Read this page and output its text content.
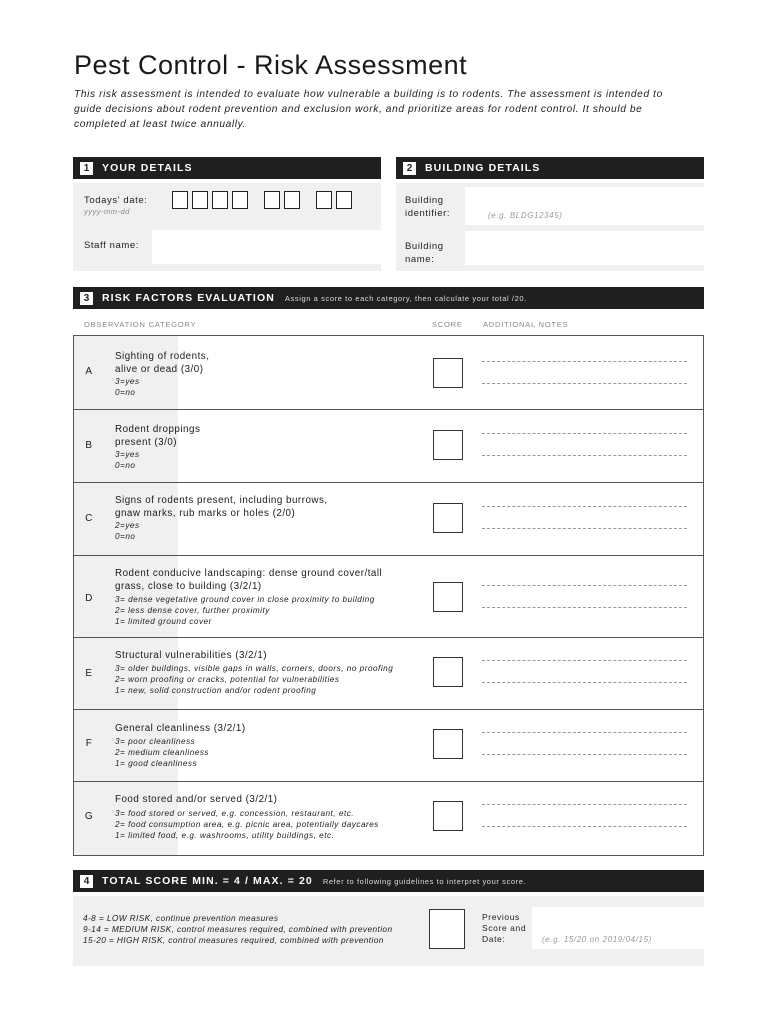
Pest Control - Risk Assessment
This risk assessment is intended to evaluate how vulnerable a building is to rodents. The assessment is intended to guide decisions about rodent prevention and exclusion work, and prioritize areas for rodent control. It should be completed at least twice annually.
1	YOUR DETAILS
Todays' date:
yyyy-mm-dd
Staff name:
2	BUILDING DETAILS
Building
identifier:	(e.g. BLDG12345)
Building
name:
3	RISK FACTORS EVALUATION Assign a score to each category, then calculate your total /20.
OBSERVATION CATEGORY	SCORE	ADDITIONAL NOTES
A
Sighting of rodents,
alive or dead (3/0)
3=yes
0=no
B
Rodent droppings
present (3/0)
3=yes
0=no
C
Signs of rodents present, including burrows,
gnaw marks, rub marks or holes (2/0)
2=yes
0=no
D
Rodent conducive landscaping: dense ground cover/tall
grass, close to building (3/2/1)
3= dense vegetative ground cover in close proximity to building
2= less dense cover, further proximity
1= limited ground cover
E
Structural vulnerabilities (3/2/1)
3= older buildings, visible gaps in walls, corners, doors, no proofing
2= worn proofing or cracks, potential for vulnerabilities
1= new, solid construction and/or rodent proofing
F
General cleanliness (3/2/1)
3= poor cleanliness
2= medium cleanliness
1= good cleanliness
G
Food stored and/or served (3/2/1)
3= food stored or served, e.g. concession, restaurant, etc.
2= food consumption area, e.g. picnic area, potentially daycares
1= limited food, e.g. washrooms, utility buildings, etc.
4	TOTAL SCORE MIN. = 4 / MAX. = 20 Refer to following guidelines to interpret your score.
4-8 = LOW RISK, continue prevention measures
9-14 = MEDIUM RISK, control measures required, combined with prevention
15-20 = HIGH RISK, control measures required, combined with prevention
Previous
Score and
Date:	(e.g. 15/20 on 2019/04/15)
